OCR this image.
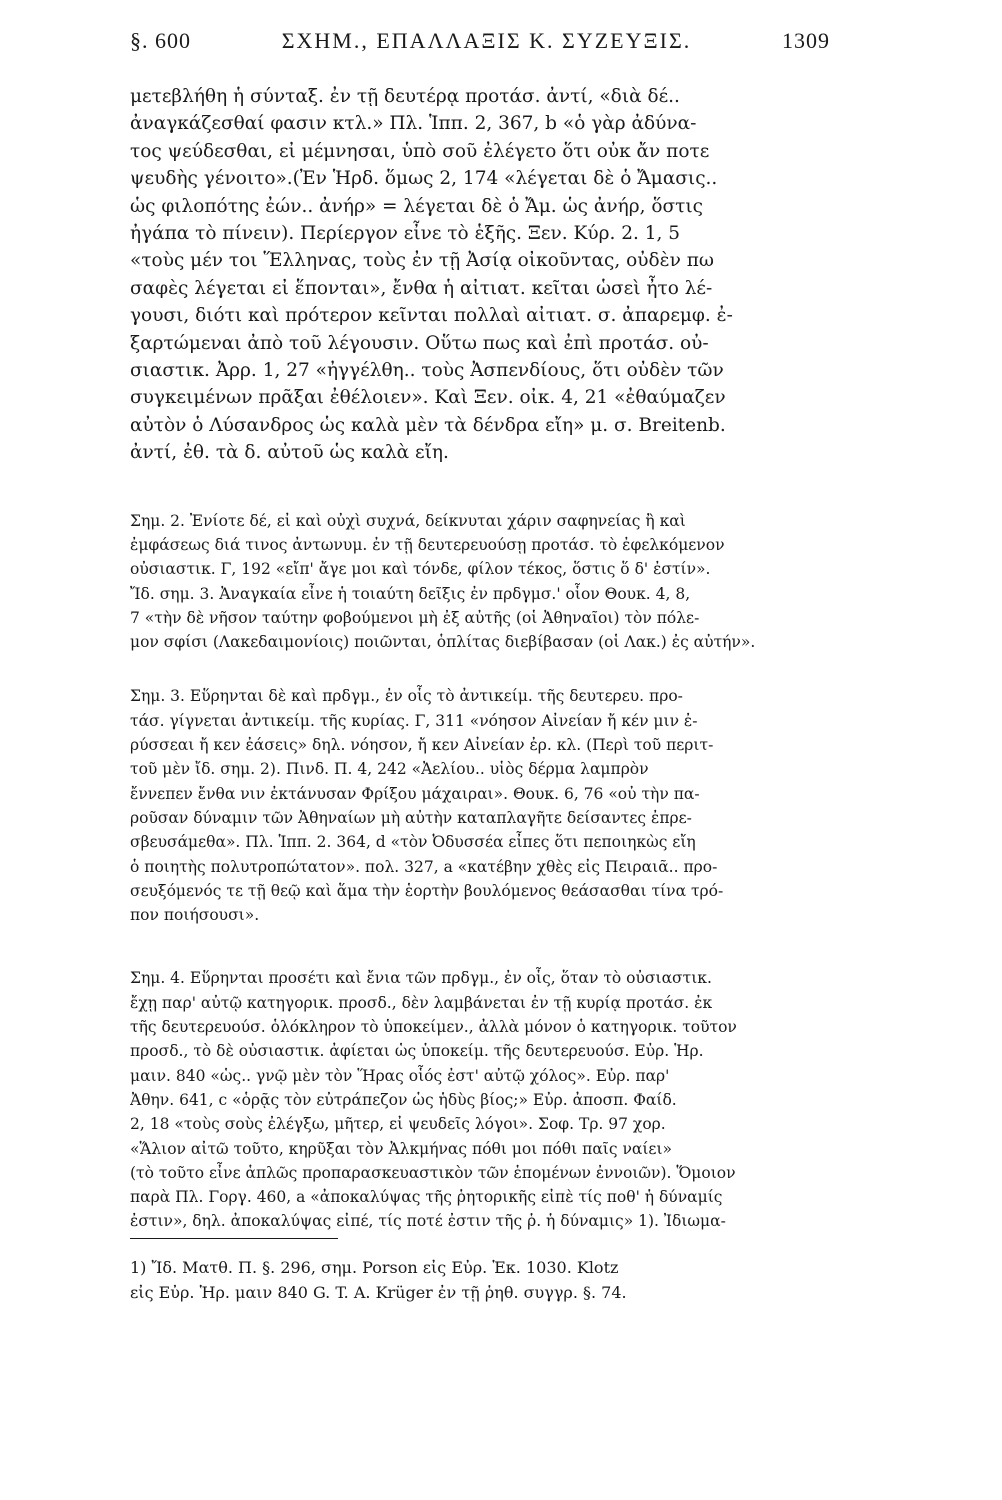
§. 600	ΣΧΗΜ., ΕΠΑΛΛΑΞΙΣ Κ. ΣΥΖΕΥΞΙΣ.	1309
μετεβλήθη ἡ σύνταξ. ἐν τῇ δευτέρᾳ προτάσ. ἀντί, «διὰ δέ..
ἀναγκάζεσθαί φασιν κτλ.» Πλ. Ἱππ. 2, 367, b «ὁ γὰρ ἀδύνα-
τος ψεύδεσθαι, εἰ μέμνησαι, ὑπὸ σοῦ ἐλέγετο ὅτι οὐκ ἄν ποτε
ψευδὴς γένοιτο».(Ἐν Ἡρδ. ὅμως 2, 174 «λέγεται δὲ ὁ Ἄμασις..
ὡς φιλοπότης ἐών.. ἀνήρ» = λέγεται δὲ ὁ Ἄμ. ὡς ἀνήρ, ὅστις
ἠγάπα τὸ πίνειν). Περίεργον εἶνε τὸ ἑξῆς. Ξεν. Κύρ. 2. 1, 5
«τοὺς μέν τοι Ἕλληνας, τοὺς ἐν τῇ Ἀσίᾳ οἰκοῦντας, οὐδὲν πω
σαφὲς λέγεται εἰ ἕπονται», ἔνθα ἡ αἰτιατ. κεῖται ὡσεὶ ἦτο λέ-
γουσι, διότι καὶ πρότερον κεῖνται πολλαὶ αἰτιατ. σ. ἀπαρεμφ. ἐ-
ξαρτώμεναι ἀπὸ τοῦ λέγουσιν. Οὕτω πως καὶ ἐπὶ προτάσ. οὐ-
σιαστικ. Ἀρρ. 1, 27 «ἠγγέλθη.. τοὺς Ἀσπενδίους, ὅτι οὐδὲν τῶν
συγκειμένων πρᾶξαι ἐθέλοιεν». Καὶ Ξεν. οἰκ. 4, 21 «ἐθαύμαζεν
αὐτὸν ὁ Λύσανδρος ὡς καλὰ μὲν τὰ δένδρα εἴη» μ. σ. Breitenb.
ἀντί, ἐθ. τὰ δ. αὐτοῦ ὡς καλὰ εἴη.
Σημ. 2. Ἐνίοτε δέ, εἰ καὶ οὐχὶ συχνά, δείκνυται χάριν σαφηνείας ἢ καὶ
ἐμφάσεως διά τινος ἀντωνυμ. ἐν τῇ δευτερευούσῃ προτάσ. τὸ ἐφελκόμενον
οὐσιαστικ. Γ, 192 «εἴπ' ἄγε μοι καὶ τόνδε, φίλον τέκος, ὅστις ὅ δ' ἐστίν».
Ἴδ. σημ. 3. Ἀναγκαία εἶνε ἡ τοιαύτη δεῖξις ἐν πρδγμσ.' οἷον Θουκ. 4, 8,
7 «τὴν δὲ νῆσον ταύτην φοβούμενοι μὴ ἐξ αὐτῆς (οἱ Ἀθηναῖοι) τὸν πόλε-
μον σφίσι (Λακεδαιμονίοις) ποιῶνται, ὁπλίτας διεβίβασαν (οἱ Λακ.) ἐς αὐτήν».
Σημ. 3. Εὕρηνται δὲ καὶ πρδγμ., ἐν οἷς τὸ ἀντικείμ. τῆς δευτερευ. προ-
τάσ. γίγνεται ἀντικείμ. τῆς κυρίας. Γ, 311 «νόησον Αἰνείαν ἤ κέν μιν ἐ-
ρύσσεαι ἤ κεν ἐάσεις» δηλ. νόησον, ἤ κεν Αἰνείαν ἐρ. κλ. (Περὶ τοῦ περιτ-
τοῦ μὲν ἴδ. σημ. 2). Πινδ. Π. 4, 242 «Ἀελίου.. υἱὸς δέρμα λαμπρὸν
ἔννεπεν ἔνθα νιν ἐκτάνυσαν Φρίξου μάχαιραι». Θουκ. 6, 76 «οὐ τὴν πα-
ροῦσαν δύναμιν τῶν Ἀθηναίων μὴ αὐτὴν καταπλαγῆτε δείσαντες ἐπρε-
σβευσάμεθα». Πλ. Ἱππ. 2. 364, d «τὸν Ὀδυσσέα εἶπες ὅτι πεποιηκὼς εἴη
ὁ ποιητὴς πολυτροπώτατον». πολ. 327, a «κατέβην χθὲς εἰς Πειραιᾶ.. προ-
σευξόμενός τε τῇ θεῷ καὶ ἅμα τὴν ἑορτὴν βουλόμενος θεάσασθαι τίνα τρό-
πον ποιήσουσι».
Σημ. 4. Εὕρηνται προσέτι καὶ ἔνια τῶν πρδγμ., ἐν οἷς, ὅταν τὸ οὐσιαστικ.
ἔχῃ παρ' αὐτῷ κατηγορικ. προσδ., δὲν λαμβάνεται ἐν τῇ κυρίᾳ προτάσ. ἐκ
τῆς δευτερευούσ. ὁλόκληρον τὸ ὑποκείμεν., ἀλλὰ μόνον ὁ κατηγορικ. τοῦτον
προσδ., τὸ δὲ οὐσιαστικ. ἀφίεται ὡς ὑποκείμ. τῆς δευτερευούσ. Εὐρ. Ἡρ.
μαιν. 840 «ὡς.. γνῷ μὲν τὸν Ἥρας οἷός ἐστ' αὐτῷ χόλος». Εὐρ. παρ'
Ἀθην. 641, c «ὁρᾷς τὸν εὐτράπεζον ὡς ἡδὺς βίος;» Εὐρ. ἀποσπ. Φαίδ.
2, 18 «τοὺς σοὺς ἐλέγξω, μῆτερ, εἰ ψευδεῖς λόγοι». Σοφ. Τρ. 97 χορ.
«Ἅλιον αἰτῶ τοῦτο, κηρῦξαι τὸν Ἀλκμήνας πόθι μοι πόθι παῖς ναίει»
(τὸ τοῦτο εἶνε ἁπλῶς προπαρασκευαστικὸν τῶν ἑπομένων ἐννοιῶν). Ὅμοιον
παρὰ Πλ. Γοργ. 460, a «ἀποκαλύψας τῆς ῥητορικῆς εἰπὲ τίς ποθ' ἡ δύναμίς
ἐστιν», δηλ. ἀποκαλύψας εἰπέ, τίς ποτέ ἐστιν τῆς ῥ. ἡ δύναμις» 1). Ἰδιωμα-
1) Ἴδ. Ματθ. Π. §. 296, σημ. Porson εἰς Εὐρ. Ἑκ. 1030. Klotz
εἰς Εὐρ. Ἡρ. μαιν 840 G. T. A. Krüger ἐν τῇ ῥηθ. συγγρ. §. 74.
